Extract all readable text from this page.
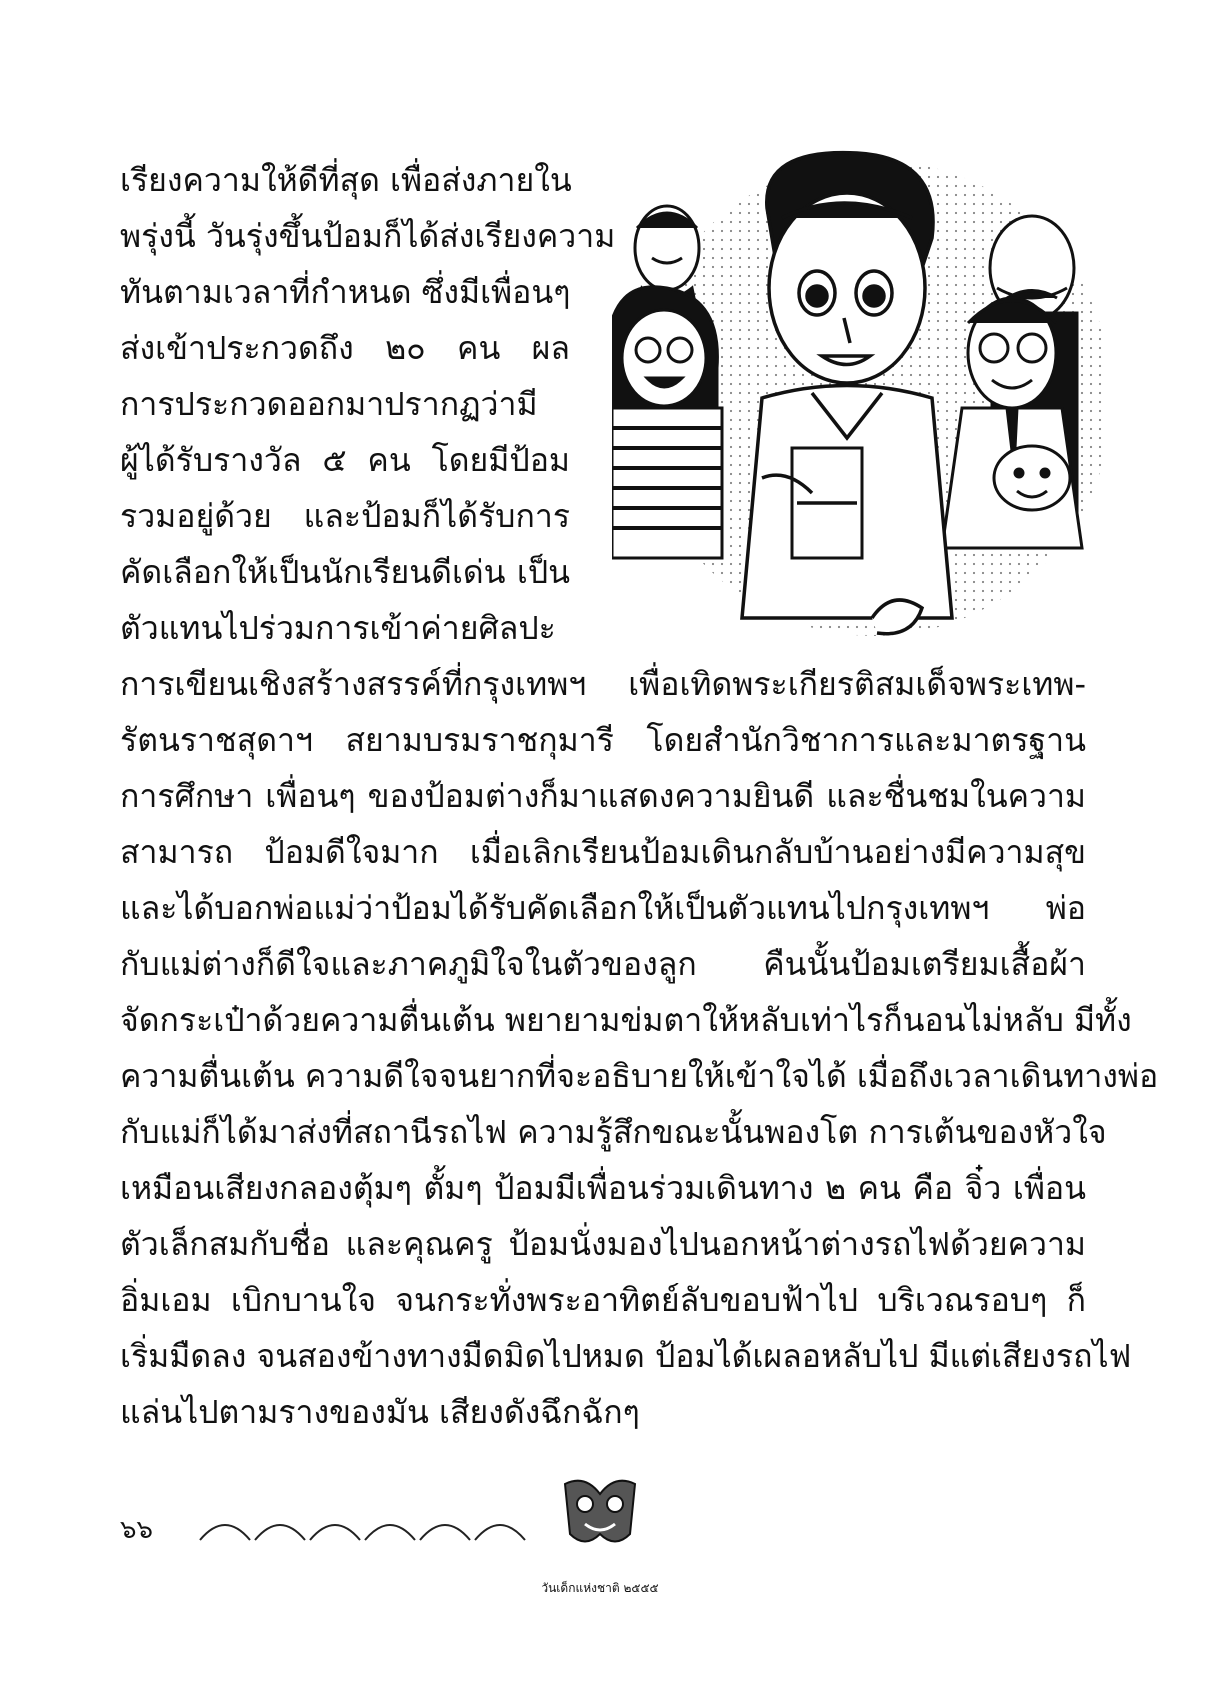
เรียงความให้ดีที่สุด เพื่อส่งภายใน
พรุ่งนี้ วันรุ่งขึ้นป้อมก็ได้ส่งเรียงความ
ทันตามเวลาที่กำหนด ซึ่งมีเพื่อนๆ
ส่งเข้าประกวดถึง ๒๐ คน ผล
การประกวดออกมาปรากฏว่ามี
ผู้ได้รับรางวัล ๕ คน โดยมีป้อม
รวมอยู่ด้วย และป้อมก็ได้รับการ
คัดเลือกให้เป็นนักเรียนดีเด่น เป็น
ตัวแทนไปร่วมการเข้าค่ายศิลปะ
การเขียนเชิงสร้างสรรค์ที่กรุงเทพฯ เพื่อเทิดพระเกียรติสมเด็จพระเทพ-
รัตนราชสุดาฯ สยามบรมราชกุมารี โดยสำนักวิชาการและมาตรฐาน
การศึกษา เพื่อนๆ ของป้อมต่างก็มาแสดงความยินดี และชื่นชมในความ
สามารถ ป้อมดีใจมาก เมื่อเลิกเรียนป้อมเดินกลับบ้านอย่างมีความสุข
และได้บอกพ่อแม่ว่าป้อมได้รับคัดเลือกให้เป็นตัวแทนไปกรุงเทพฯ พ่อ
กับแม่ต่างก็ดีใจและภาคภูมิใจในตัวของลูก คืนนั้นป้อมเตรียมเสื้อผ้า
จัดกระเป๋าด้วยความตื่นเต้น พยายามข่มตาให้หลับเท่าไรก็นอนไม่หลับ มีทั้ง
ความตื่นเต้น ความดีใจจนยากที่จะอธิบายให้เข้าใจได้ เมื่อถึงเวลาเดินทางพ่อ
กับแม่ก็ได้มาส่งที่สถานีรถไฟ ความรู้สึกขณะนั้นพองโต การเต้นของหัวใจ
เหมือนเสียงกลองตุ้มๆ ตั้มๆ ป้อมมีเพื่อนร่วมเดินทาง ๒ คน คือ จิ๋ว เพื่อน
ตัวเล็กสมกับชื่อ และคุณครู ป้อมนั่งมองไปนอกหน้าต่างรถไฟด้วยความ
อิ่มเอม เบิกบานใจ จนกระทั่งพระอาทิตย์ลับขอบฟ้าไป บริเวณรอบๆ ก็
เริ่มมืดลง จนสองข้างทางมืดมิดไปหมด ป้อมได้เผลอหลับไป มีแต่เสียงรถไฟ
แล่นไปตามรางของมัน เสียงดังฉึกฉักๆ
๖๖
วันเด็กแห่งชาติ ๒๕๕๕
